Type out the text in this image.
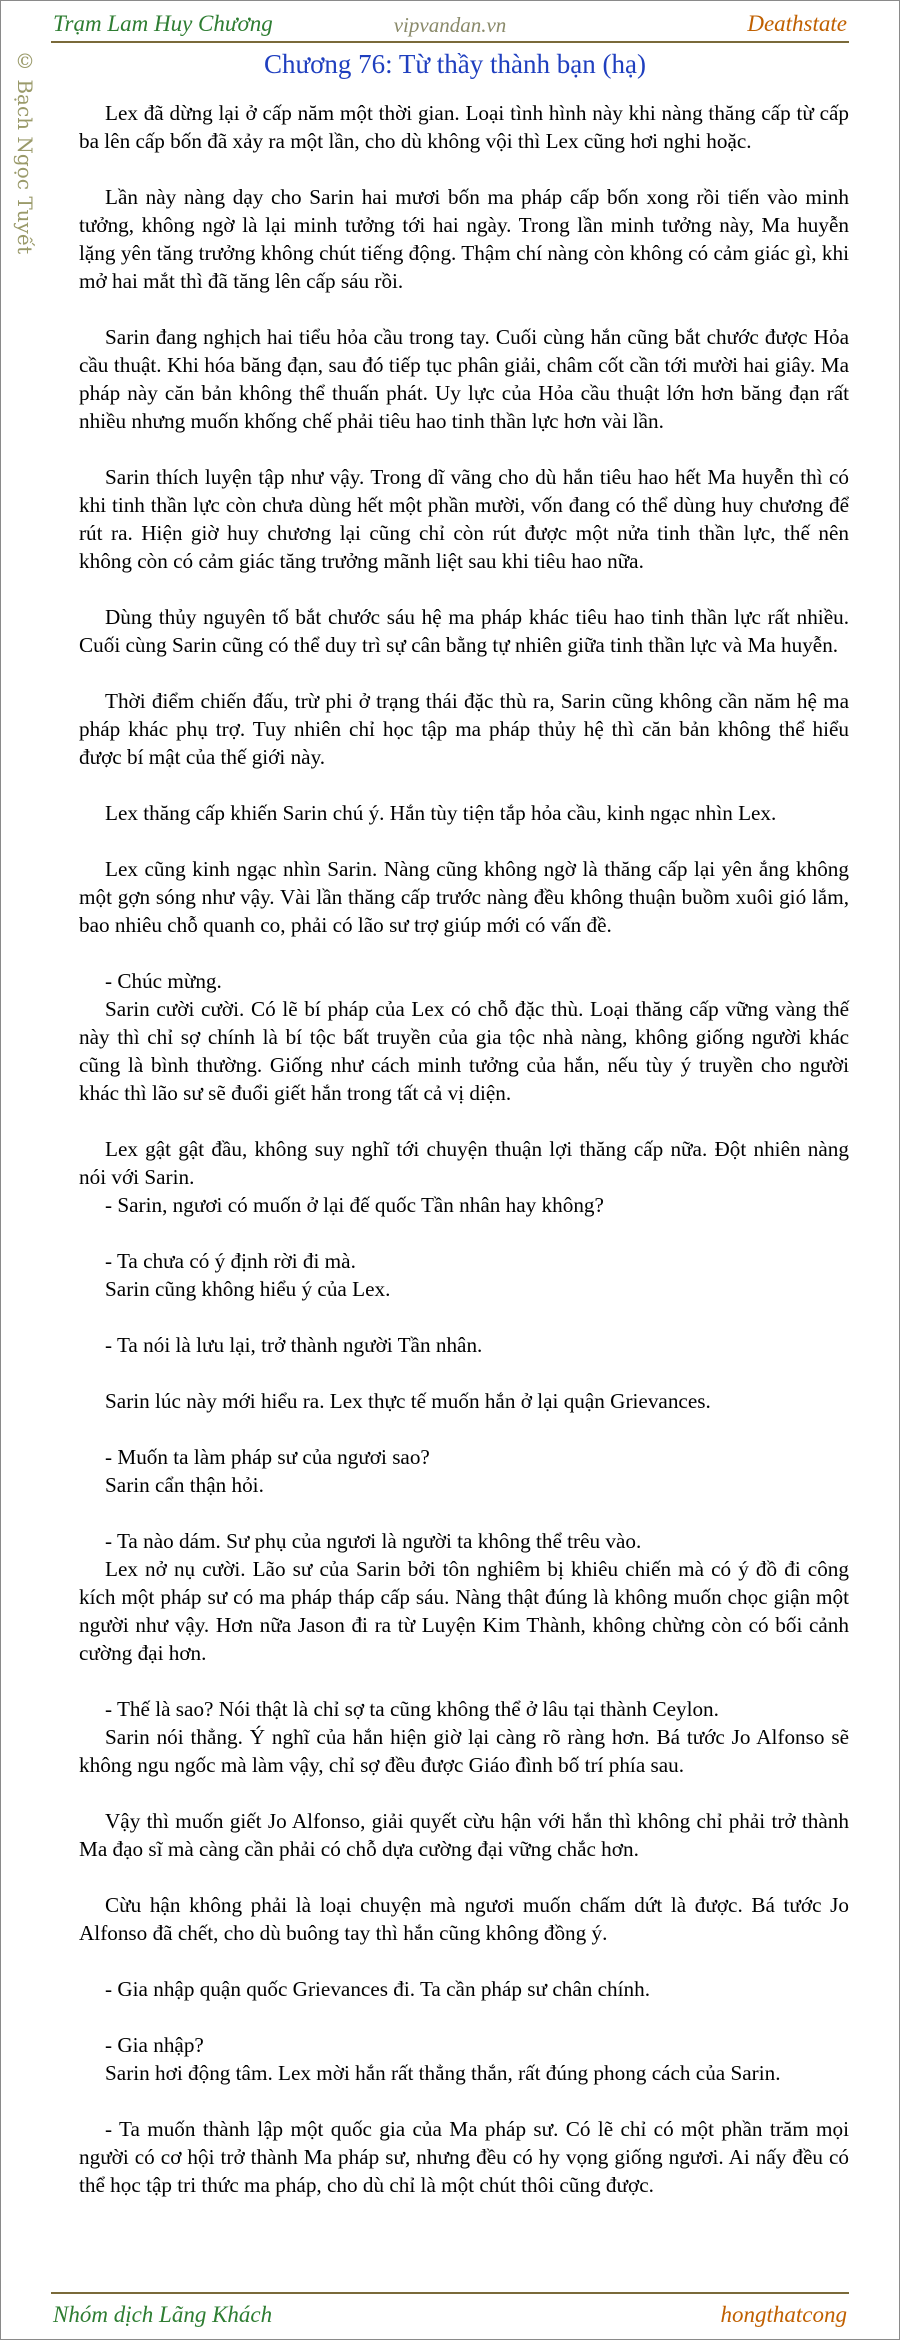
Trạm Lam Huy Chương	vipvandan.vn	Deathstate
© Bạch Ngọc Tuyết	Chương 76: Từ thầy thành bạn (hạ)

Lex đã dừng lại ở cấp năm một thời gian. Loại tình hình này khi nàng thăng cấp từ cấp ba lên cấp bốn đã xảy ra một lần, cho dù không vội thì Lex cũng hơi nghi hoặc.

Lần này nàng dạy cho Sarin hai mươi bốn ma pháp cấp bốn xong rồi tiến vào minh tưởng, không ngờ là lại minh tưởng tới hai ngày. Trong lần minh tưởng này, Ma huyễn lặng yên tăng trưởng không chút tiếng động. Thậm chí nàng còn không có cảm giác gì, khi mở hai mắt thì đã tăng lên cấp sáu rồi.

Sarin đang nghịch hai tiểu hỏa cầu trong tay. Cuối cùng hắn cũng bắt chước được Hỏa cầu thuật. Khi hóa băng đạn, sau đó tiếp tục phân giải, châm cốt cần tới mười hai giây. Ma pháp này căn bản không thể thuấn phát. Uy lực của Hỏa cầu thuật lớn hơn băng đạn rất nhiều nhưng muốn khống chế phải tiêu hao tinh thần lực hơn vài lần.

Sarin thích luyện tập như vậy. Trong dĩ vãng cho dù hắn tiêu hao hết Ma huyễn thì có khi tinh thần lực còn chưa dùng hết một phần mười, vốn đang có thể dùng huy chương để rút ra. Hiện giờ huy chương lại cũng chỉ còn rút được một nửa tinh thần lực, thế nên không còn có cảm giác tăng trưởng mãnh liệt sau khi tiêu hao nữa.

Dùng thủy nguyên tố bắt chước sáu hệ ma pháp khác tiêu hao tinh thần lực rất nhiều. Cuối cùng Sarin cũng có thể duy trì sự cân bằng tự nhiên giữa tinh thần lực và Ma huyễn.

Thời điểm chiến đấu, trừ phi ở trạng thái đặc thù ra, Sarin cũng không cần năm hệ ma pháp khác phụ trợ. Tuy nhiên chỉ học tập ma pháp thủy hệ thì căn bản không thể hiểu được bí mật của thế giới này.

Lex thăng cấp khiến Sarin chú ý. Hắn tùy tiện tắp hỏa cầu, kinh ngạc nhìn Lex.

Lex cũng kinh ngạc nhìn Sarin. Nàng cũng không ngờ là thăng cấp lại yên ắng không một gợn sóng như vậy. Vài lần thăng cấp trước nàng đều không thuận buồm xuôi gió lắm, bao nhiêu chỗ quanh co, phải có lão sư trợ giúp mới có vấn đề.

- Chúc mừng.

Sarin cười cười. Có lẽ bí pháp của Lex có chỗ đặc thù. Loại thăng cấp vững vàng thế này thì chỉ sợ chính là bí tộc bất truyền của gia tộc nhà nàng, không giống người khác cũng là bình thường. Giống như cách minh tưởng của hắn, nếu tùy ý truyền cho người khác thì lão sư sẽ đuổi giết hắn trong tất cả vị diện.

Lex gật gật đầu, không suy nghĩ tới chuyện thuận lợi thăng cấp nữa. Đột nhiên nàng nói với Sarin.

- Sarin, ngươi có muốn ở lại đế quốc Tần nhân hay không?

- Ta chưa có ý định rời đi mà.

Sarin cũng không hiểu ý của Lex.

- Ta nói là lưu lại, trở thành người Tần nhân.

Sarin lúc này mới hiểu ra. Lex thực tế muốn hắn ở lại quận Grievances.

- Muốn ta làm pháp sư của ngươi sao?

Sarin cẩn thận hỏi.

- Ta nào dám. Sư phụ của ngươi là người ta không thể trêu vào.

Lex nở nụ cười. Lão sư của Sarin bởi tôn nghiêm bị khiêu chiến mà có ý đồ đi công kích một pháp sư có ma pháp tháp cấp sáu. Nàng thật đúng là không muốn chọc giận một người như vậy. Hơn nữa Jason đi ra từ Luyện Kim Thành, không chừng còn có bối cảnh cường đại hơn.

- Thế là sao? Nói thật là chỉ sợ ta cũng không thể ở lâu tại thành Ceylon.

Sarin nói thẳng. Ý nghĩ của hắn hiện giờ lại càng rõ ràng hơn. Bá tước Jo Alfonso sẽ không ngu ngốc mà làm vậy, chỉ sợ đều được Giáo đình bố trí phía sau.

Vậy thì muốn giết Jo Alfonso, giải quyết cừu hận với hắn thì không chỉ phải trở thành Ma đạo sĩ mà càng cần phải có chỗ dựa cường đại vững chắc hơn.

Cừu hận không phải là loại chuyện mà ngươi muốn chấm dứt là được. Bá tước Jo Alfonso đã chết, cho dù buông tay thì hắn cũng không đồng ý.

- Gia nhập quận quốc Grievances đi. Ta cần pháp sư chân chính.

- Gia nhập?

Sarin hơi động tâm. Lex mời hắn rất thẳng thắn, rất đúng phong cách của Sarin.

- Ta muốn thành lập một quốc gia của Ma pháp sư. Có lẽ chỉ có một phần trăm mọi người có cơ hội trở thành Ma pháp sư, nhưng đều có hy vọng giống ngươi. Ai nấy đều có thể học tập tri thức ma pháp, cho dù chỉ là một chút thôi cũng được.

Nhóm dịch Lãng Khách	hongthatcong
